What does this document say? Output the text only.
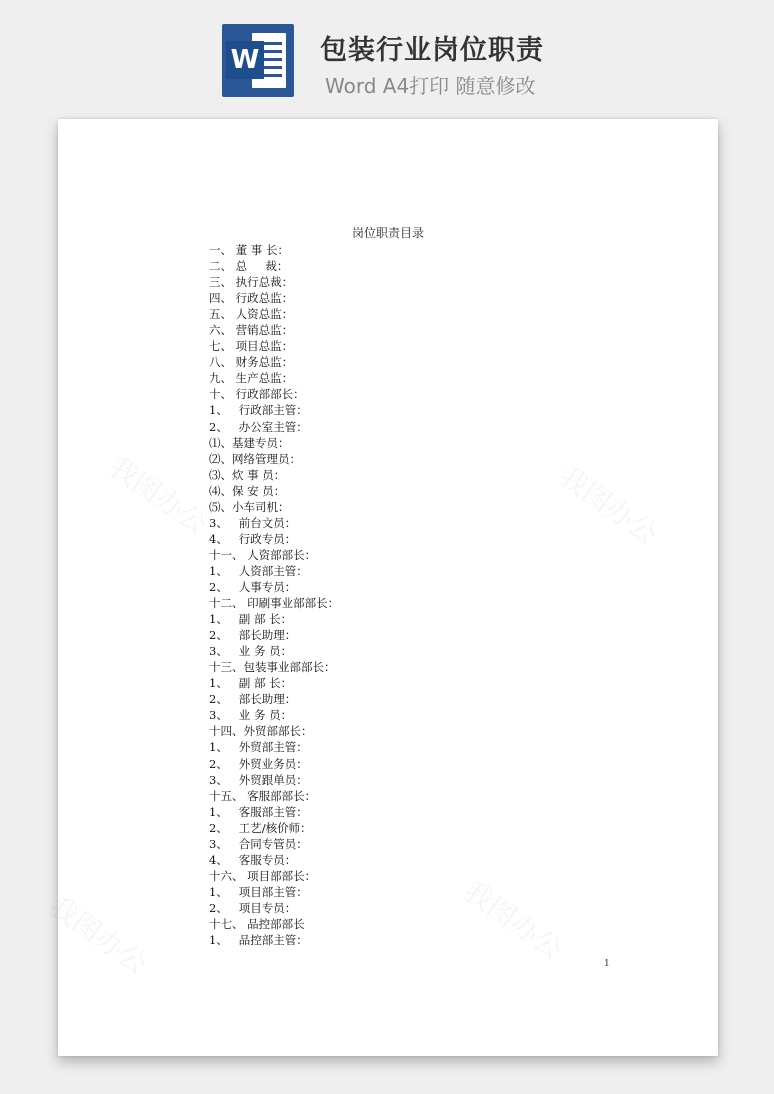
W 包装行业岗位职责
Word A4打印 随意修改
岗位职责目录
一、 董 事 长：
二、 总     裁：
三、 执行总裁：
四、 行政总监：
五、 人资总监：
六、 营销总监：
七、 项目总监：
八、 财务总监：
九、 生产总监：
十、 行政部部长：
1、   行政部主管：
2、   办公室主管：
⑴、基建专员：
⑵、网络管理员：
⑶、炊 事 员：
⑷、保 安 员：
⑸、小车司机：
3、   前台文员：
4、   行政专员：
十一、 人资部部长：
1、   人资部主管：
2、   人事专员：
十二、 印刷事业部部长：
1、   副 部 长：
2、   部长助理：
3、   业 务 员：
十三、包装事业部部长：
1、   副 部 长：
2、   部长助理：
3、   业 务 员：
十四、外贸部部长：
1、   外贸部主管：
2、   外贸业务员：
3、   外贸跟单员：
十五、 客服部部长：
1、   客服部主管：
2、   工艺/核价师：
3、   合同专管员：
4、   客服专员：
十六、 项目部部长：
1、   项目部主管：
2、   项目专员：
十七、 品控部部长
1、   品控部主管：
1
